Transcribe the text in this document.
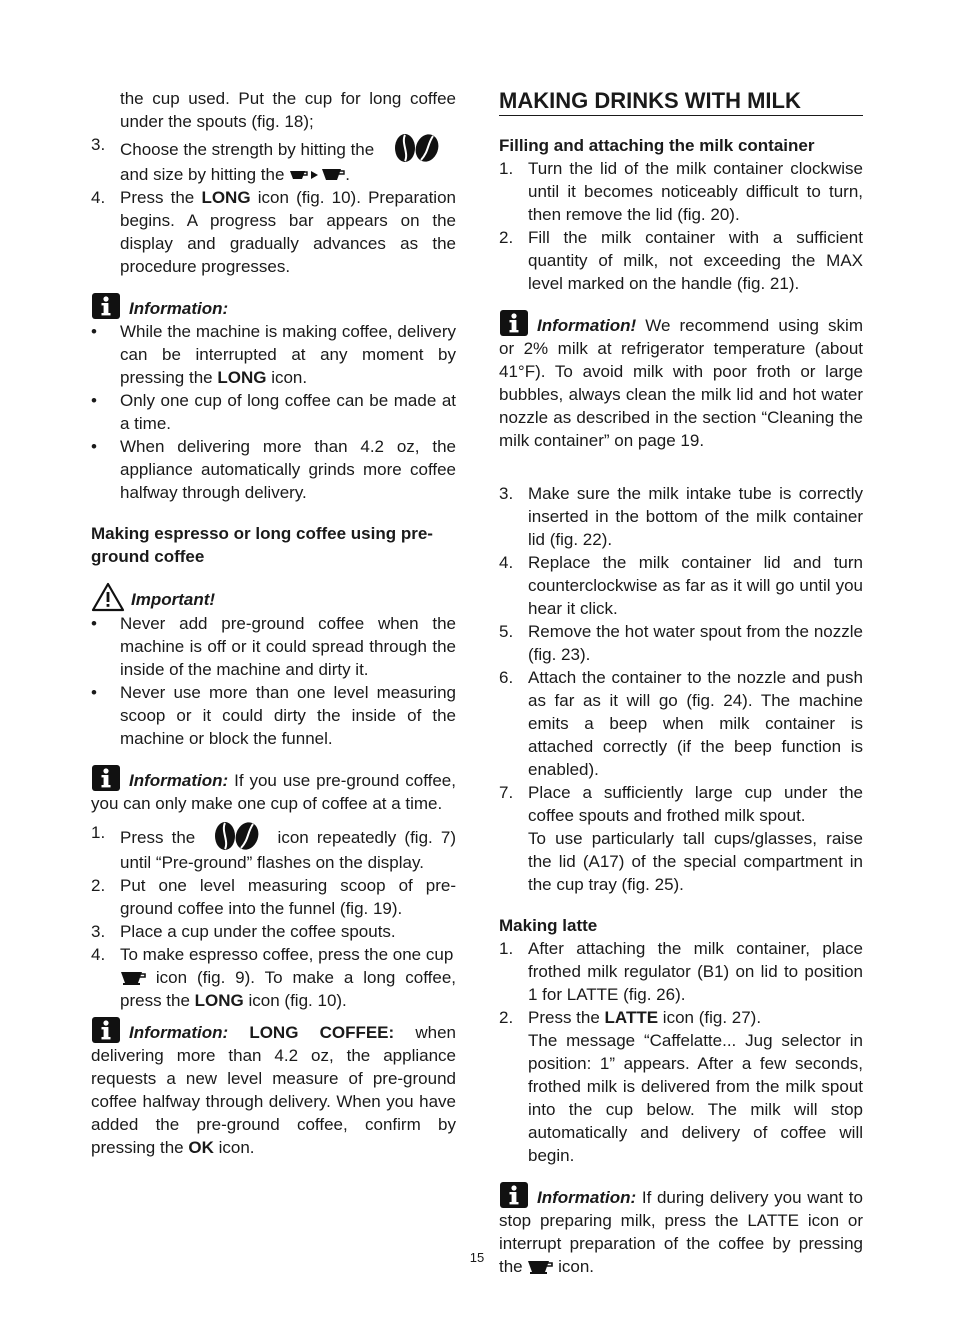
the cup used. Put the cup for long coffee under the spouts (fig. 18);

3. Choose the strength by hitting the
and size by hitting the	.
4. Press the LONG icon (fig. 10). Preparation begins. A progress bar appears on the display and gradually advances as the procedure progresses.

Information:

•	While the machine is making coffee, delivery can be interrupted at any moment by pressing the LONG icon.
•	Only one cup of long coffee can be made at a time.
•	When delivering more than 4.2 oz, the appliance automatically grinds more coffee halfway through delivery.

Making espresso or long coffee using pre-ground coffee

Important!

•	Never add pre-ground coffee when the machine is off or it could spread through the inside of the machine and dirty it.
•	Never use more than one level measuring scoop or it could dirty the inside of the machine or block the funnel.

Information: If you use pre-ground coffee, you can only make one cup of coffee at a time.

1. Press the	icon repeatedly (fig. 7) until “Pre-ground” flashes on the display.
2. Put one level measuring scoop of pre-ground coffee into the funnel (fig. 19).
3. Place a cup under the coffee spouts.
4. To make espresso coffee, press the one cup
icon (fig. 9). To make a long coffee, press the LONG icon (fig. 10).

Information: LONG COFFEE: when delivering more than 4.2 oz, the appliance requests a new level measure of pre-ground coffee halfway through delivery. When you have added the pre-ground coffee, confirm by pressing the OK icon.

MAKING DRINKS WITH MILK

Filling and attaching the milk container

1. Turn the lid of the milk container clockwise until it becomes noticeably difficult to turn, then remove the lid (fig. 20).
2. Fill the milk container with a sufficient quantity of milk, not exceeding the MAX level marked on the handle (fig. 21).

Information! We recommend using skim or 2% milk at refrigerator temperature (about 41°F). To avoid milk with poor froth or large bubbles, always clean the milk lid and hot water nozzle as described in the section “Cleaning the milk container” on page 19.

3. Make sure the milk intake tube is correctly inserted in the bottom of the milk container lid (fig. 22).
4. Replace the milk container lid and turn counterclockwise as far as it will go until you hear it click.
5. Remove the hot water spout from the nozzle (fig. 23).
6. Attach the container to the nozzle and push as far as it will go (fig. 24). The machine emits a beep when milk container is attached correctly (if the beep function is enabled).
7. Place a sufficiently large cup under the coffee spouts and frothed milk spout.

To use particularly tall cups/glasses, raise the lid (A17) of the special compartment in the cup tray (fig. 25).

Making latte

1. After attaching the milk container, place frothed milk regulator (B1) on lid to position 1 for LATTE (fig. 26).
2. Press the LATTE icon (fig. 27).

The message “Caffelatte... Jug selector in position: 1” appears. After a few seconds, frothed milk is delivered from the milk spout into the cup below. The milk will stop automatically and delivery of coffee will begin.

Information: If during delivery you want to stop preparing milk, press the LATTE icon or interrupt preparation of the coffee by pressing the icon.

15
